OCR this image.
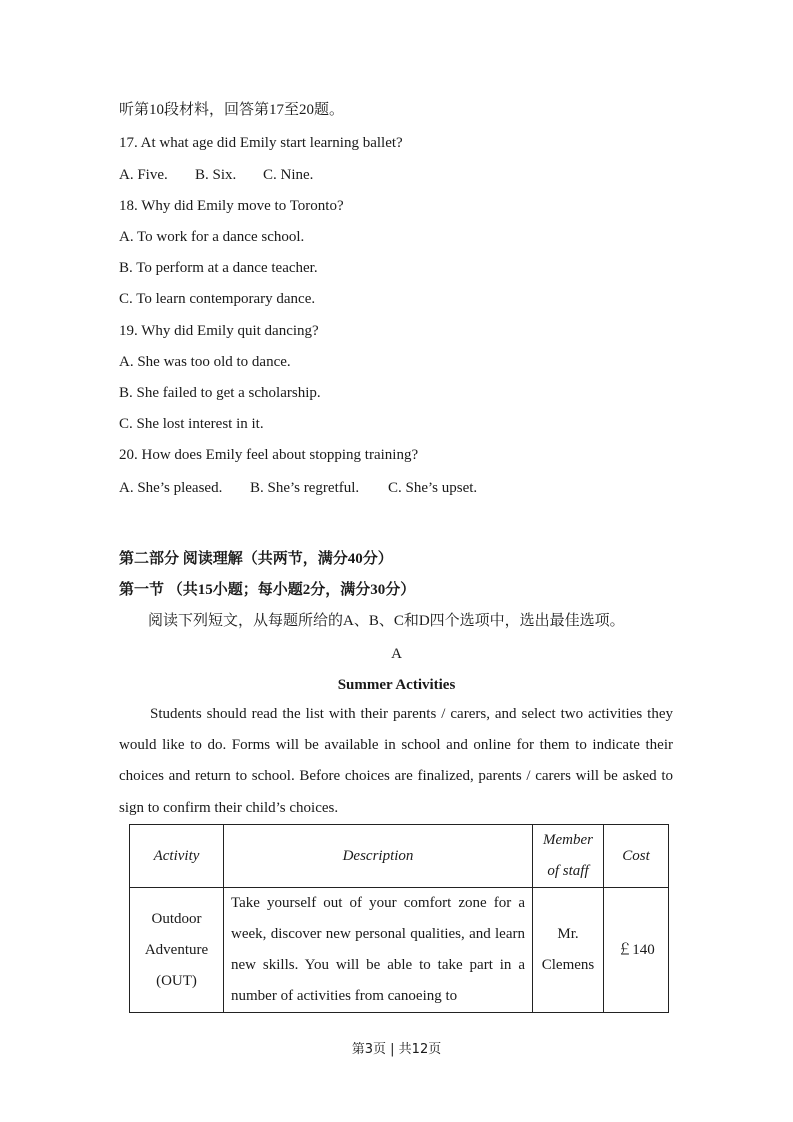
听第10段材料，回答第17至20题。
17. At what age did Emily start learning ballet?
A. Five. B. Six. C. Nine.
18. Why did Emily move to Toronto?
A. To work for a dance school.
B. To perform at a dance teacher.
C. To learn contemporary dance.
19. Why did Emily quit dancing?
A. She was too old to dance.
B. She failed to get a scholarship.
C. She lost interest in it.
20. How does Emily feel about stopping training?
A. She’s pleased. B. She’s regretful. C. She’s upset.
第二部分 阅读理解（共两节，满分40分）
第一节 （共15小题；每小题2分，满分30分）
阅读下列短文，从每题所给的A、B、C和D四个选项中，选出最佳选项。
A
Summer Activities
Students should read the list with their parents / carers, and select two activities they would like to do. Forms will be available in school and online for them to indicate their choices and return to school. Before choices are finalized, parents / carers will be asked to sign to confirm their child’s choices.
Activity	Description	Member of staff	Cost
Outdoor Adventure (OUT)	Take yourself out of your comfort zone for a week, discover new personal qualities, and learn new skills. You will be able to take part in a number of activities from canoeing to	Mr. Clemens	￡140
第3页 | 共12页
